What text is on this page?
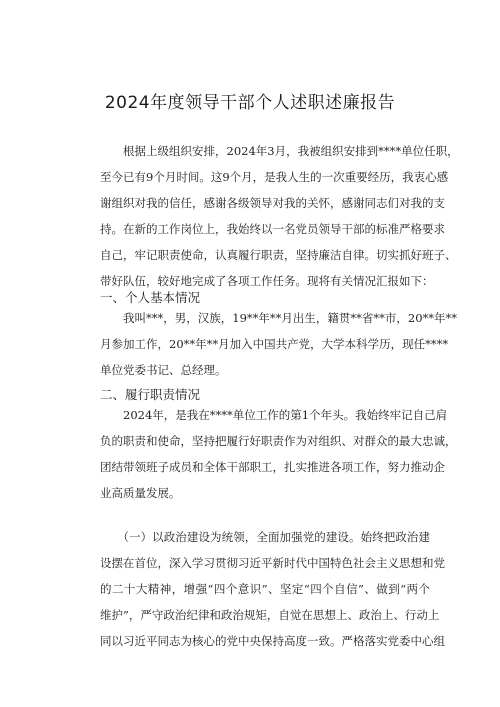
2024年度领导干部个人述职述廉报告
　　根据上级组织安排，2024年3月，我被组织安排到****单位任职，
至今已有9个月时间。这9个月，是我人生的一次重要经历，我衷心感
谢组织对我的信任，感谢各级领导对我的关怀，感谢同志们对我的支
持。在新的工作岗位上，我始终以一名党员领导干部的标准严格要求
自己，牢记职责使命，认真履行职责，坚持廉洁自律。切实抓好班子、
带好队伍，较好地完成了各项工作任务。现将有关情况汇报如下：
一、个人基本情况
　　我叫***，男，汉族，19**年**月出生，籍贯**省**市，20**年**
月参加工作，20**年**月加入中国共产党，大学本科学历，现任****
单位党委书记、总经理。
二、履行职责情况
　　2024年，是我在****单位工作的第1个年头。我始终牢记自己肩
负的职责和使命，坚持把履行好职责作为对组织、对群众的最大忠诚，
团结带领班子成员和全体干部职工，扎实推进各项工作，努力推动企
业高质量发展。
　　（一）以政治建设为统领，全面加强党的建设。始终把政治建
设摆在首位，深入学习贯彻习近平新时代中国特色社会主义思想和党
的二十大精神，增强“四个意识”、坚定“四个自信”、做到“两个
维护”，严守政治纪律和政治规矩，自觉在思想上、政治上、行动上
同以习近平同志为核心的党中央保持高度一致。严格落实党委中心组
